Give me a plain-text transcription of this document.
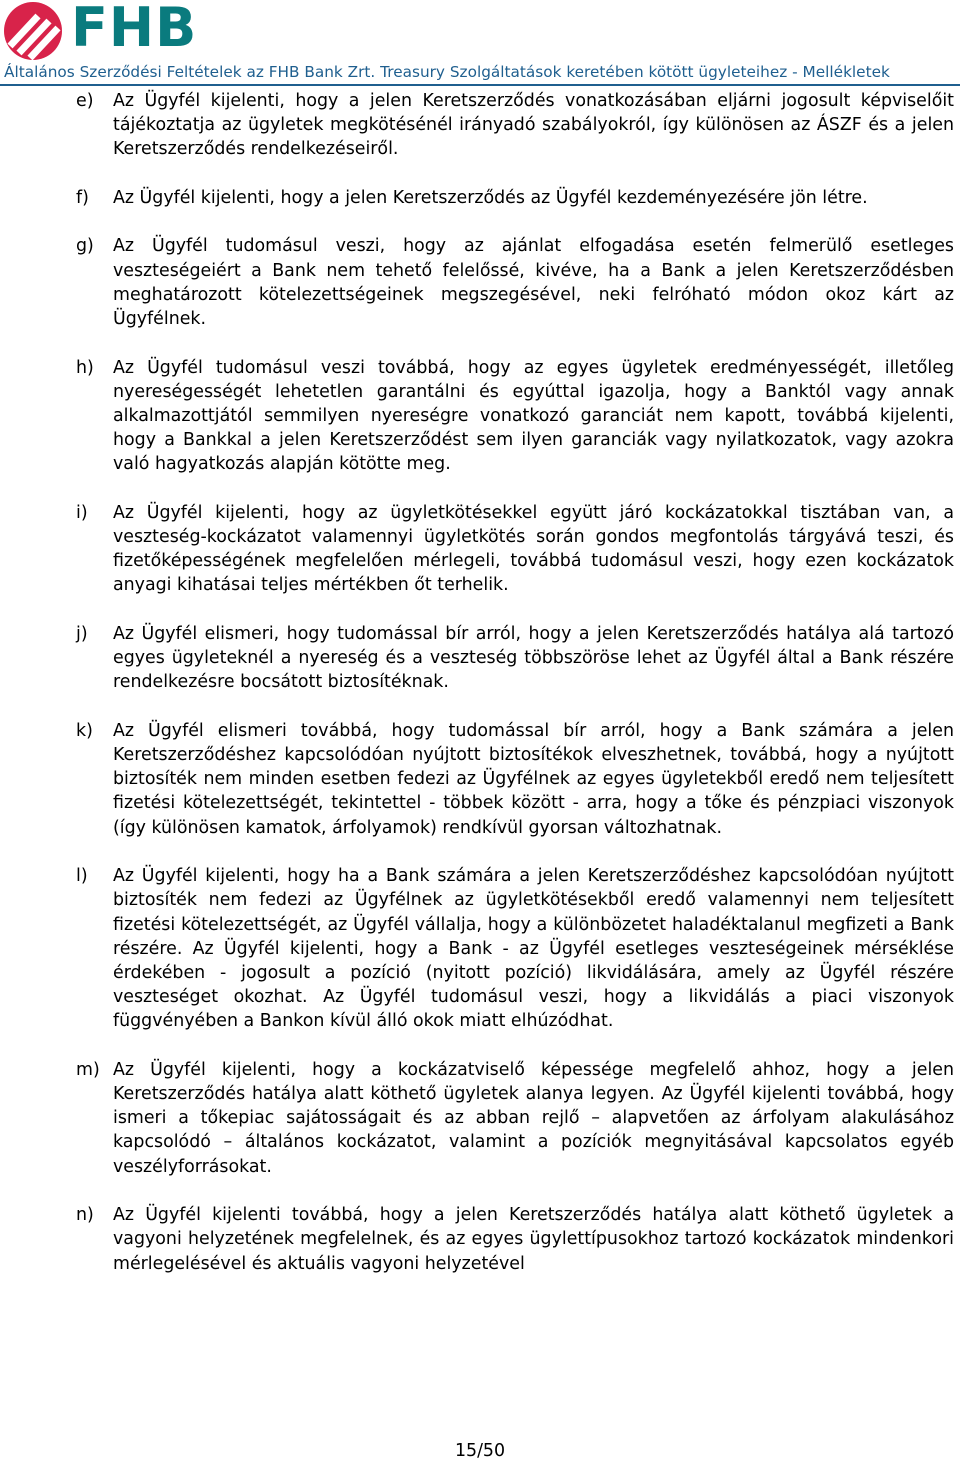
FHB
Általános Szerződési Feltételek az FHB Bank Zrt. Treasury Szolgáltatások keretében kötött ügyleteihez - Mellékletek
e) Az Ügyfél kijelenti, hogy a jelen Keretszerződés vonatkozásában eljárni jogosult képviselőit tájékoztatja az ügyletek megkötésénél irányadó szabályokról, így különösen az ÁSZF és a jelen Keretszerződés rendelkezéseiről.
f) Az Ügyfél kijelenti, hogy a jelen Keretszerződés az Ügyfél kezdeményezésére jön létre.
g) Az Ügyfél tudomásul veszi, hogy az ajánlat elfogadása esetén felmerülő esetleges veszteségeiért a Bank nem tehető felelőssé, kivéve, ha a Bank a jelen Keretszerződésben meghatározott kötelezettségeinek megszegésével, neki felróható módon okoz kárt az Ügyfélnek.
h) Az Ügyfél tudomásul veszi továbbá, hogy az egyes ügyletek eredményességét, illetőleg nyereségességét lehetetlen garantálni és egyúttal igazolja, hogy a Banktól vagy annak alkalmazottjától semmilyen nyereségre vonatkozó garanciát nem kapott, továbbá kijelenti, hogy a Bankkal a jelen Keretszerződést sem ilyen garanciák vagy nyilatkozatok, vagy azokra való hagyatkozás alapján kötötte meg.
i) Az Ügyfél kijelenti, hogy az ügyletkötésekkel együtt járó kockázatokkal tisztában van, a veszteség-kockázatot valamennyi ügyletkötés során gondos megfontolás tárgyává teszi, és fizetőképességének megfelelően mérlegeli, továbbá tudomásul veszi, hogy ezen kockázatok anyagi kihatásai teljes mértékben őt terhelik.
j) Az Ügyfél elismeri, hogy tudomással bír arról, hogy a jelen Keretszerződés hatálya alá tartozó egyes ügyleteknél a nyereség és a veszteség többszöröse lehet az Ügyfél által a Bank részére rendelkezésre bocsátott biztosítéknak.
k) Az Ügyfél elismeri továbbá, hogy tudomással bír arról, hogy a Bank számára a jelen Keretszerződéshez kapcsolódóan nyújtott biztosítékok elveszhetnek, továbbá, hogy a nyújtott biztosíték nem minden esetben fedezi az Ügyfélnek az egyes ügyletekből eredő nem teljesített fizetési kötelezettségét, tekintettel - többek között - arra, hogy a tőke és pénzpiaci viszonyok (így különösen kamatok, árfolyamok) rendkívül gyorsan változhatnak.
l) Az Ügyfél kijelenti, hogy ha a Bank számára a jelen Keretszerződéshez kapcsolódóan nyújtott biztosíték nem fedezi az Ügyfélnek az ügyletkötésekből eredő valamennyi nem teljesített fizetési kötelezettségét, az Ügyfél vállalja, hogy a különbözetet haladéktalanul megfizeti a Bank részére. Az Ügyfél kijelenti, hogy a Bank - az Ügyfél esetleges veszteségeinek mérséklése érdekében - jogosult a pozíció (nyitott pozíció) likvidálására, amely az Ügyfél részére veszteséget okozhat. Az Ügyfél tudomásul veszi, hogy a likvidálás a piaci viszonyok függvényében a Bankon kívül álló okok miatt elhúzódhat.
m) Az Ügyfél kijelenti, hogy a kockázatviselő képessége megfelelő ahhoz, hogy a jelen Keretszerződés hatálya alatt köthető ügyletek alanya legyen. Az Ügyfél kijelenti továbbá, hogy ismeri a tőkepiac sajátosságait és az abban rejlő – alapvetően az árfolyam alakulásához kapcsolódó – általános kockázatot, valamint a pozíciók megnyitásával kapcsolatos egyéb veszélyforrásokat.
n) Az Ügyfél kijelenti továbbá, hogy a jelen Keretszerződés hatálya alatt köthető ügyletek a vagyoni helyzetének megfelelnek, és az egyes ügylettípusokhoz tartozó kockázatok mindenkori mérlegelésével és aktuális vagyoni helyzetével
15/50
